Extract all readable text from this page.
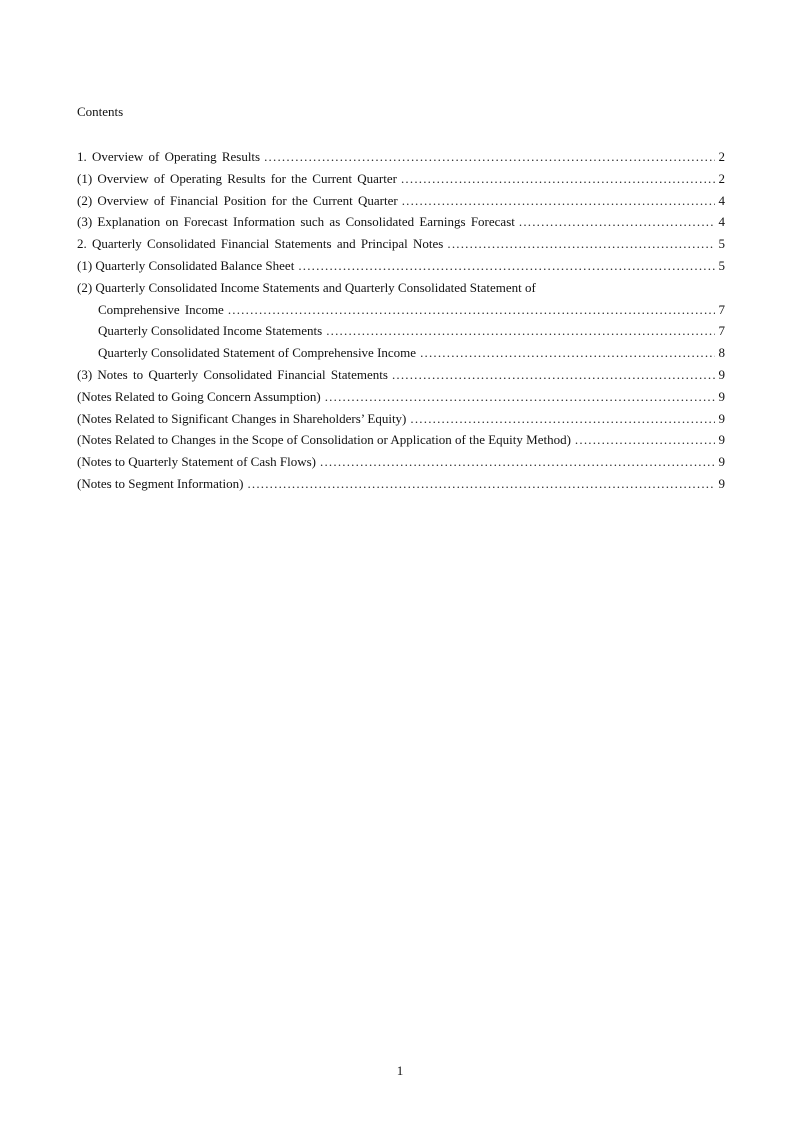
Contents
1. Overview of Operating Results .....	2
(1) Overview of Operating Results for the Current Quarter .....	2
(2) Overview of Financial Position for the Current Quarter .....	4
(3) Explanation on Forecast Information such as Consolidated Earnings Forecast .....	4
2. Quarterly Consolidated Financial Statements and Principal Notes .....	5
(1) Quarterly Consolidated Balance Sheet .....	5
(2) Quarterly Consolidated Income Statements and Quarterly Consolidated Statement of
Comprehensive Income .....	7
Quarterly Consolidated Income Statements .....	7
Quarterly Consolidated Statement of Comprehensive Income .....	8
(3) Notes to Quarterly Consolidated Financial Statements .....	9
(Notes Related to Going Concern Assumption) .....	9
(Notes Related to Significant Changes in Shareholders’ Equity) .....	9
(Notes Related to Changes in the Scope of Consolidation or Application of the Equity Method) .....	9
(Notes to Quarterly Statement of Cash Flows) .....	9
(Notes to Segment Information) .....	9
1
